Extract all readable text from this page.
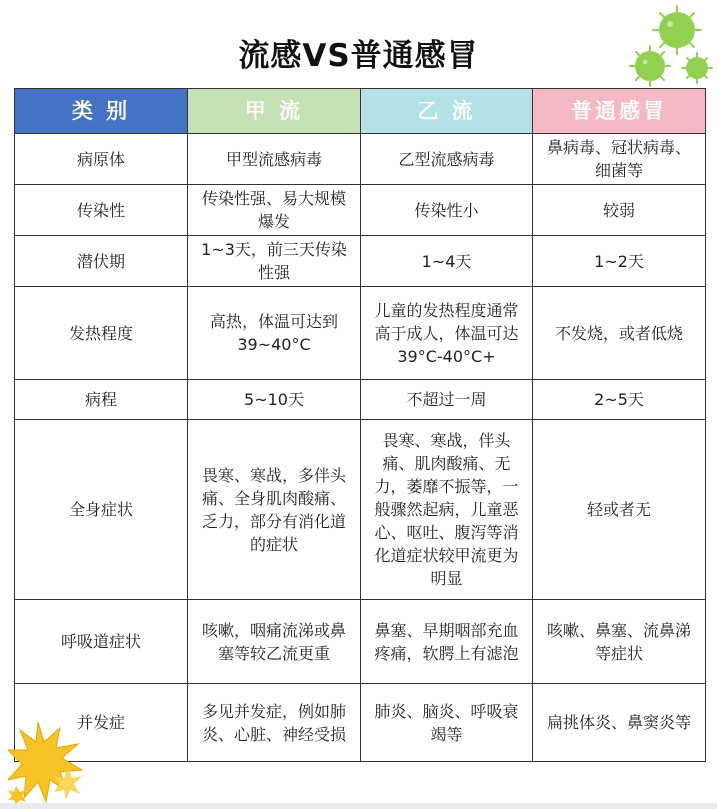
流感VS普通感冒
类 别	甲 流	乙 流	普通感冒
病原体	甲型流感病毒	乙型流感病毒	鼻病毒、冠状病毒、细菌等
传染性	传染性强、易大规模爆发	传染性小	较弱
潜伏期	1~3天，前三天传染性强	1~4天	1~2天
发热程度	高热，体温可达到39~40°C	儿童的发热程度通常高于成人，体温可达39°C-40°C+	不发烧，或者低烧
病程	5~10天	不超过一周	2~5天
全身症状	畏寒、寒战，多伴头痛、全身肌肉酸痛、乏力，部分有消化道的症状	畏寒、寒战，伴头痛、肌肉酸痛、无力，萎靡不振等，一般骤然起病，儿童恶心、呕吐、腹泻等消化道症状较甲流更为明显	轻或者无
呼吸道症状	咳嗽，咽痛流涕或鼻塞等较乙流更重	鼻塞、早期咽部充血疼痛，软腭上有滤泡	咳嗽、鼻塞、流鼻涕等症状
并发症	多见并发症，例如肺炎、心脏、神经受损	肺炎、脑炎、呼吸衰竭等	扁挑体炎、鼻窦炎等
